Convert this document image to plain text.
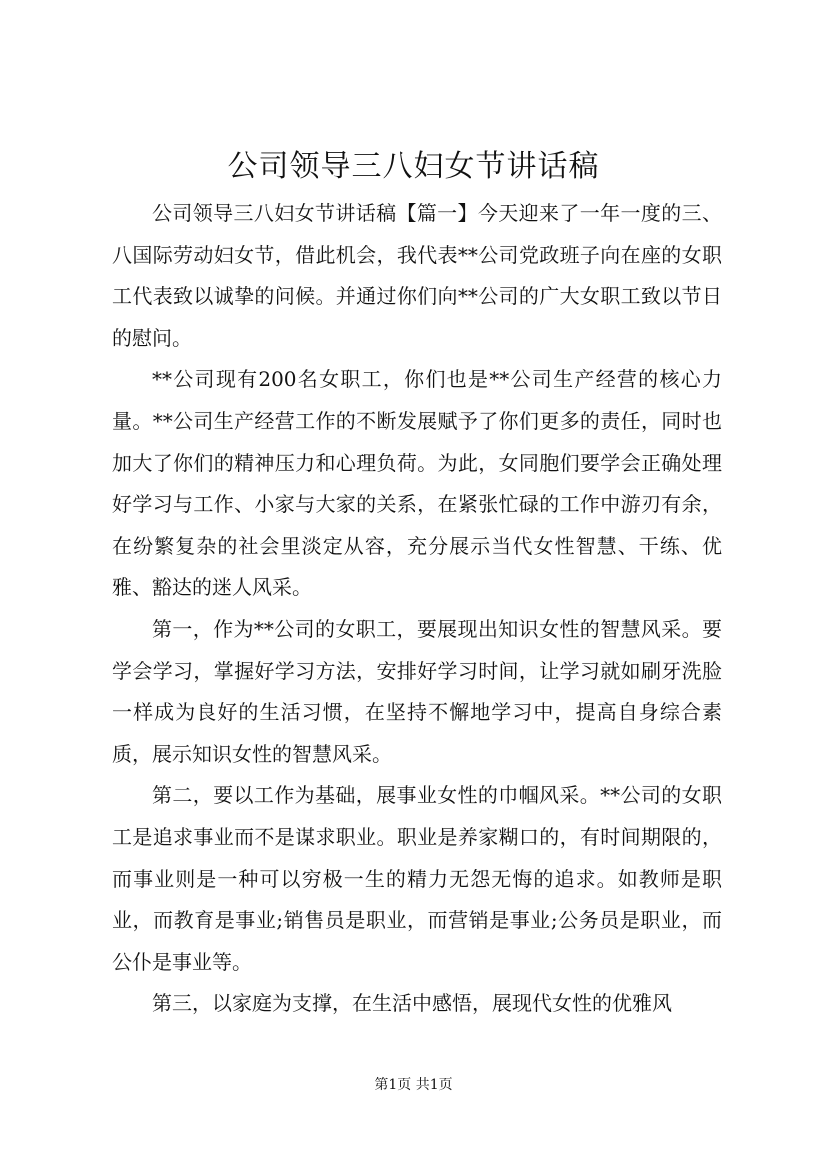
公司领导三八妇女节讲话稿

公司领导三八妇女节讲话稿【篇一】今天迎来了一年一度的三、八国际劳动妇女节，借此机会，我代表**公司党政班子向在座的女职工代表致以诚挚的问候。并通过你们向**公司的广大女职工致以节日的慰问。

**公司现有200名女职工，你们也是**公司生产经营的核心力量。**公司生产经营工作的不断发展赋予了你们更多的责任，同时也加大了你们的精神压力和心理负荷。为此，女同胞们要学会正确处理好学习与工作、小家与大家的关系，在紧张忙碌的工作中游刃有余，在纷繁复杂的社会里淡定从容，充分展示当代女性智慧、干练、优雅、豁达的迷人风采。

第一，作为**公司的女职工，要展现出知识女性的智慧风采。要学会学习，掌握好学习方法，安排好学习时间，让学习就如刷牙洗脸一样成为良好的生活习惯，在坚持不懈地学习中，提高自身综合素质，展示知识女性的智慧风采。

第二，要以工作为基础，展事业女性的巾帼风采。**公司的女职工是追求事业而不是谋求职业。职业是养家糊口的，有时间期限的，而事业则是一种可以穷极一生的精力无怨无悔的追求。如教师是职业，而教育是事业;销售员是职业，而营销是事业;公务员是职业，而公仆是事业等。

第三，以家庭为支撑，在生活中感悟，展现代女性的优雅风

第1页 共1页
